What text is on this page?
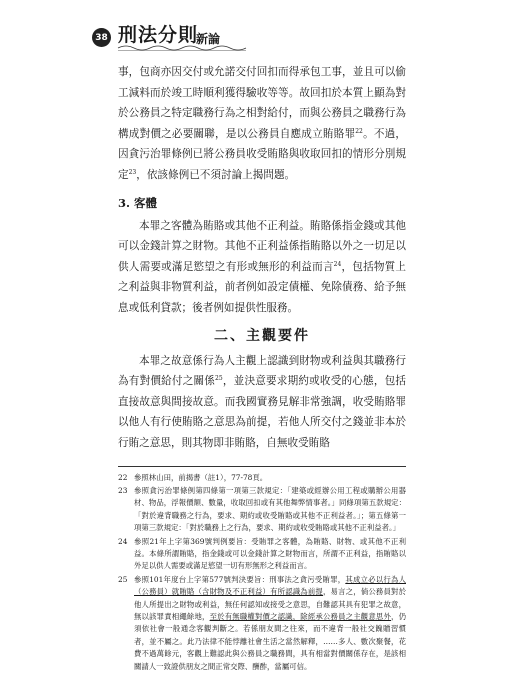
38 刑法分則
新論

事，包商亦因交付或允諾交付回扣而得承包工事，並且可以偷工減料而於竣工時順利獲得驗收等等。故回扣於本質上顯為對於公務員之特定職務行為之相對給付，而與公務員之職務行為構成對價之必要關聯，是以公務員自應成立賄賂罪$^{22}$。不過，因貪污治罪條例已將公務員收受賄賂與收取回扣的情形分別規定$^{23}$，依該條例已不須討論上揭問題。

3. 客體

本罪之客體為賄賂或其他不正利益。賄賂係指金錢或其他可以金錢計算之財物。其他不正利益係指賄賂以外之一切足以供人需要或滿足慾望之有形或無形的利益而言$^{24}$，包括物質上之利益與非物質利益，前者例如設定債權、免除債務、給予無息或低利貸款；後者例如提供性服務。

二、主觀要件

本罪之故意係行為人主觀上認識到財物或利益與其職務行為有對價給付之關係$^{25}$，並決意要求期約或收受的心態，包括直接故意與間接故意。而我國實務見解非常強調，收受賄賂罪以他人有行使賄賂之意思為前提，若他人所交付之錢並非本於行賄之意思，則其物即非賄賂，自無收受賄賂

22 參照林山田，前揭書（註1），77-78頁。
23 參照貪污治罪條例第四條第一項第三款規定：「建築或經辦公用工程或購辦公用器材、物品，浮報價額、數量，收取回扣或有其他舞弊情事者。」同條項第五款規定：「對於違背職務之行為，要求、期約或收受賄賂或其他不正利益者。」；第五條第一項第三款規定：「對於職務上之行為，要求、期約或收受賄賂或其他不正利益者。」
24 參照21年上字第369號判例要旨：受賄罪之客體，為賄賂、財物、或其他不正利益。本條所謂賄賂，指金錢或可以金錢計算之財物而言，所謂不正利益，指賄賂以外足以供人需要或滿足慾望一切有形無形之利益而言。
25 參照101年度台上字第577號判決要旨：刑事法之貪污受賄罪，其成立必以行為人（公務員）就賄賂（含財物及不正利益）有所認識為前提，易言之，倘公務員對於他人所提出之財物或利益，無任何認知或接受之意思，自難認其具有犯罪之故意，無以該罪責相繩餘地，至於有無職權對價之認識，除經承公務員之主觀意思外，仍須依社會一般通念客觀判斷之。若係朋友間之往來，而不違背一般社交餽贈習慣者，並不屬之。此乃法律不能悖離社會生活之當然解釋，……多人、數次聚餐，花費不過萬餘元，客觀上難認此與公務員之職務間，具有相當對價關係存在，是該相關請人一致證供朋友之間正常交際、酬酢，當屬可信。
